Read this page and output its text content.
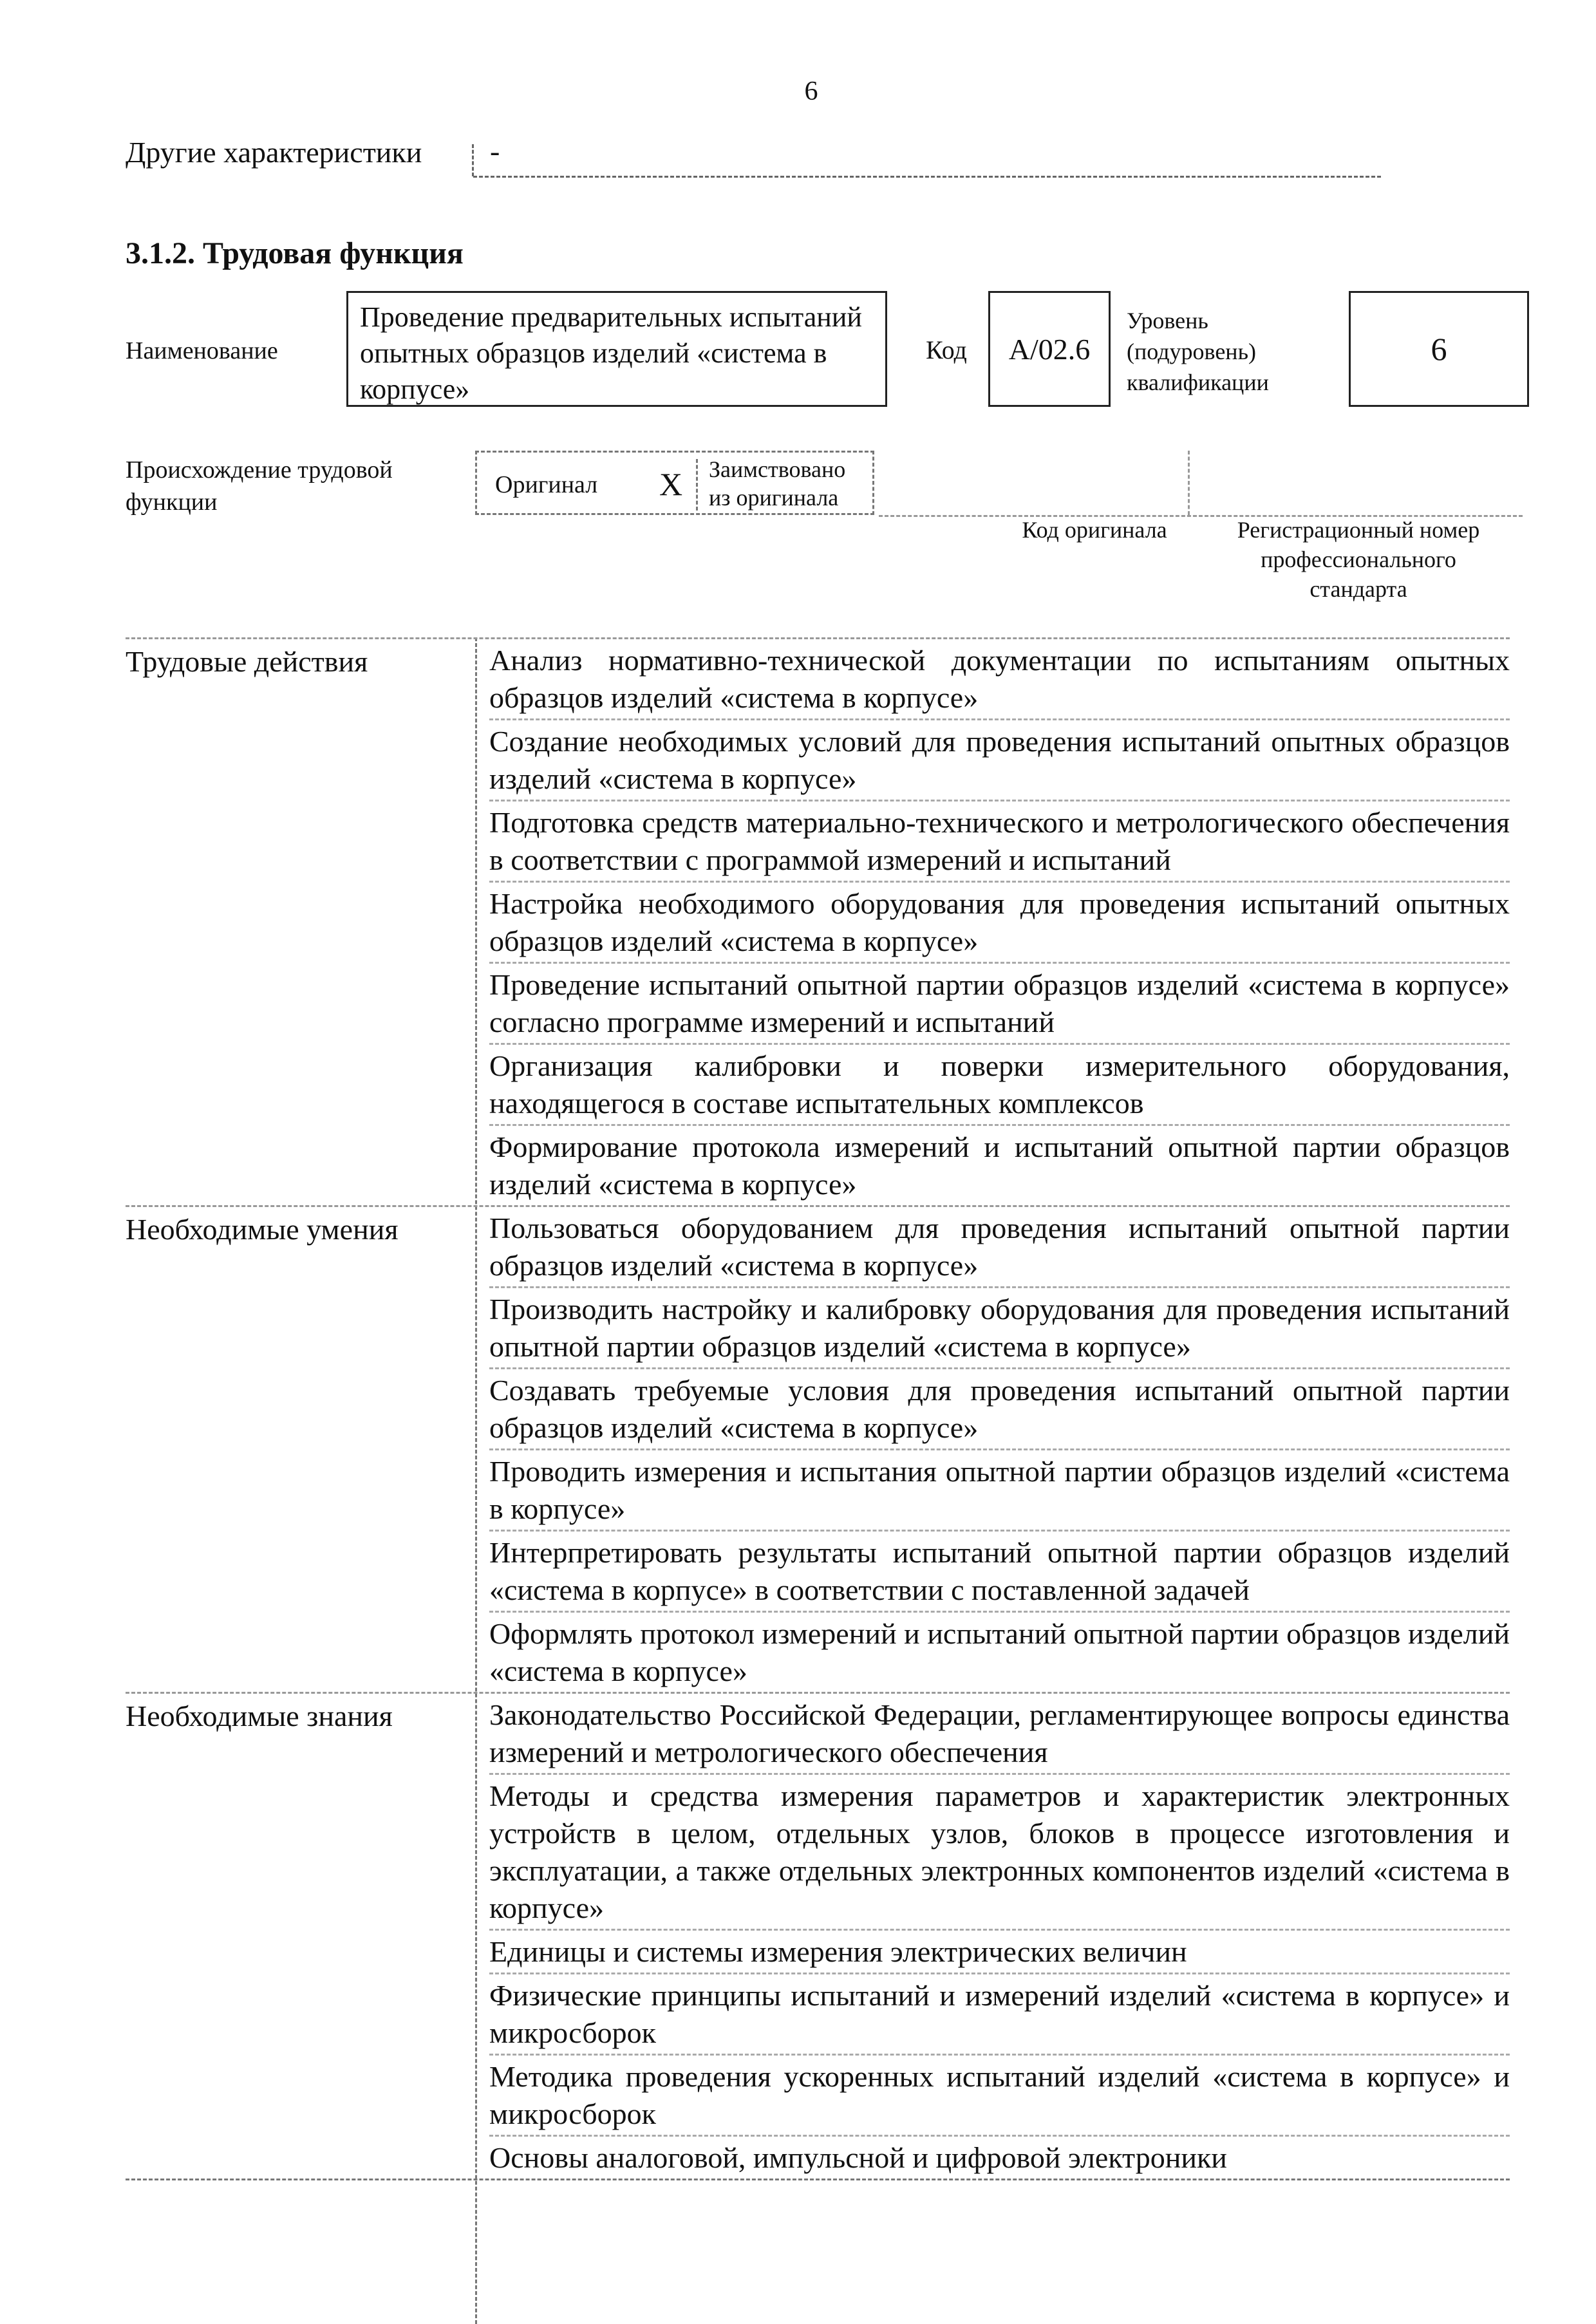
6
Другие характеристики	-
3.1.2. Трудовая функция
Наименование
Проведение предварительных испытаний опытных образцов изделий «система в корпусе»
Код	A/02.6
Уровень (подуровень) квалификации
6
Происхождение трудовой функции
Оригинал X Заимствовано из оригинала
Код оригинала	Регистрационный номер профессионального стандарта
Трудовые действия	Анализ нормативно-технической документации по испытаниям опытных образцов изделий «система в корпусе»
Создание необходимых условий для проведения испытаний опытных образцов изделий «система в корпусе»
Подготовка средств материально-технического и метрологического обеспечения в соответствии с программой измерений и испытаний
Настройка необходимого оборудования для проведения испытаний опытных образцов изделий «система в корпусе»
Проведение испытаний опытной партии образцов изделий «система в корпусе» согласно программе измерений и испытаний
Организация калибровки и поверки измерительного оборудования, находящегося в составе испытательных комплексов
Формирование протокола измерений и испытаний опытной партии образцов изделий «система в корпусе»
Необходимые умения	Пользоваться оборудованием для проведения испытаний опытной партии образцов изделий «система в корпусе»
Производить настройку и калибровку оборудования для проведения испытаний опытной партии образцов изделий «система в корпусе»
Создавать требуемые условия для проведения испытаний опытной партии образцов изделий «система в корпусе»
Проводить измерения и испытания опытной партии образцов изделий «система в корпусе»
Интерпретировать результаты испытаний опытной партии образцов изделий «система в корпусе» в соответствии с поставленной задачей
Оформлять протокол измерений и испытаний опытной партии образцов изделий «система в корпусе»
Необходимые знания	Законодательство Российской Федерации, регламентирующее вопросы единства измерений и метрологического обеспечения
Методы и средства измерения параметров и характеристик электронных устройств в целом, отдельных узлов, блоков в процессе изготовления и эксплуатации, а также отдельных электронных компонентов изделий «система в корпусе»
Единицы и системы измерения электрических величин
Физические принципы испытаний и измерений изделий «система в корпусе» и микросборок
Методика проведения ускоренных испытаний изделий «система в корпусе» и микросборок
Основы аналоговой, импульсной и цифровой электроники
